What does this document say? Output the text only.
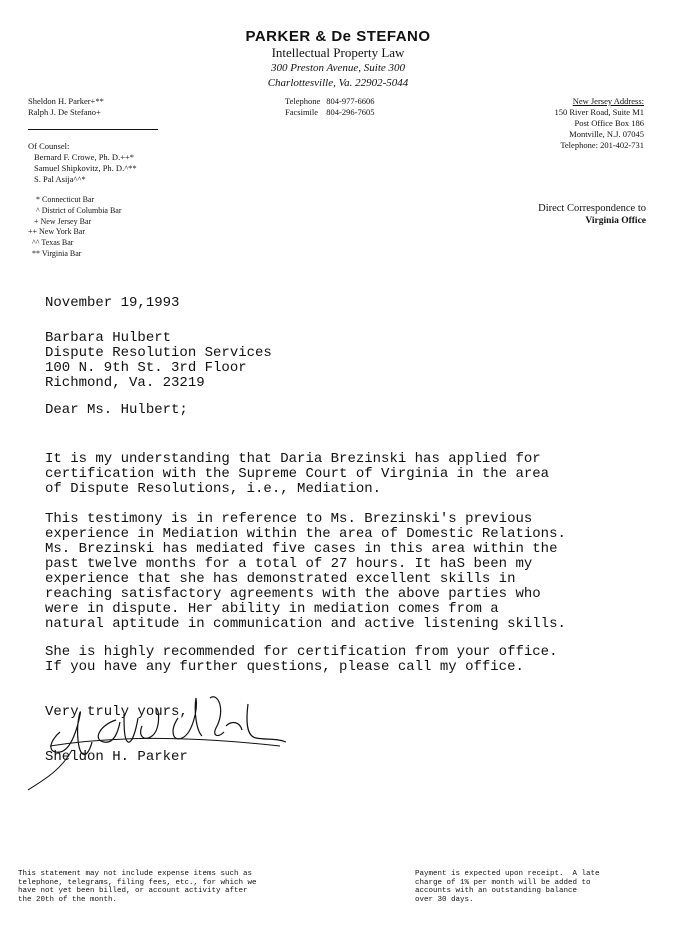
PARKER & De STEFANO
Intellectual Property Law
300 Preston Avenue, Suite 300
Charlottesville, Va. 22902-5044
Sheldon H. Parker+**
Ralph J. De Stefano+
Of Counsel:
Bernard F. Crowe, Ph. D.++*
Samuel Shipkovitz, Ph. D.^**
S. Pal Asija^^*
* Connecticut Bar
^ District of Columbia Bar
+ New Jersey Bar
++ New York Bar
^^ Texas Bar
** Virginia Bar
Telephone	804-977-6606
Facsimile	804-296-7605
New Jersey Address:
150 River Road, Suite M1
Post Office Box 186
Montville, N.J. 07045
Telephone: 201-402-731
Direct Correspondence to
Virginia Office
November 19,1993
Barbara Hulbert
Dispute Resolution Services
100 N. 9th St. 3rd Floor
Richmond, Va. 23219
Dear Ms. Hulbert;
It is my understanding that Daria Brezinski has applied for
certification with the Supreme Court of Virginia in the area
of Dispute Resolutions, i.e., Mediation.
This testimony is in reference to Ms. Brezinski's previous
experience in Mediation within the area of Domestic Relations.
Ms. Brezinski has mediated five cases in this area within the
past twelve months for a total of 27 hours. It haS been my
experience that she has demonstrated excellent skills in
reaching satisfactory agreements with the above parties who
were in dispute. Her ability in mediation comes from a
natural aptitude in communication and active listening skills.
She is highly recommended for certification from your office.
If you have any further questions, please call my office.
Very truly yours,
Sheldon H. Parker
This statement may not include expense items such as
telephone, telegrams, filing fees, etc., for which we
have not yet been billed, or account activity after
the 20th of the month.
Payment is expected upon receipt.  A late
charge of 1% per month will be added to
accounts with an outstanding balance
over 30 days.
